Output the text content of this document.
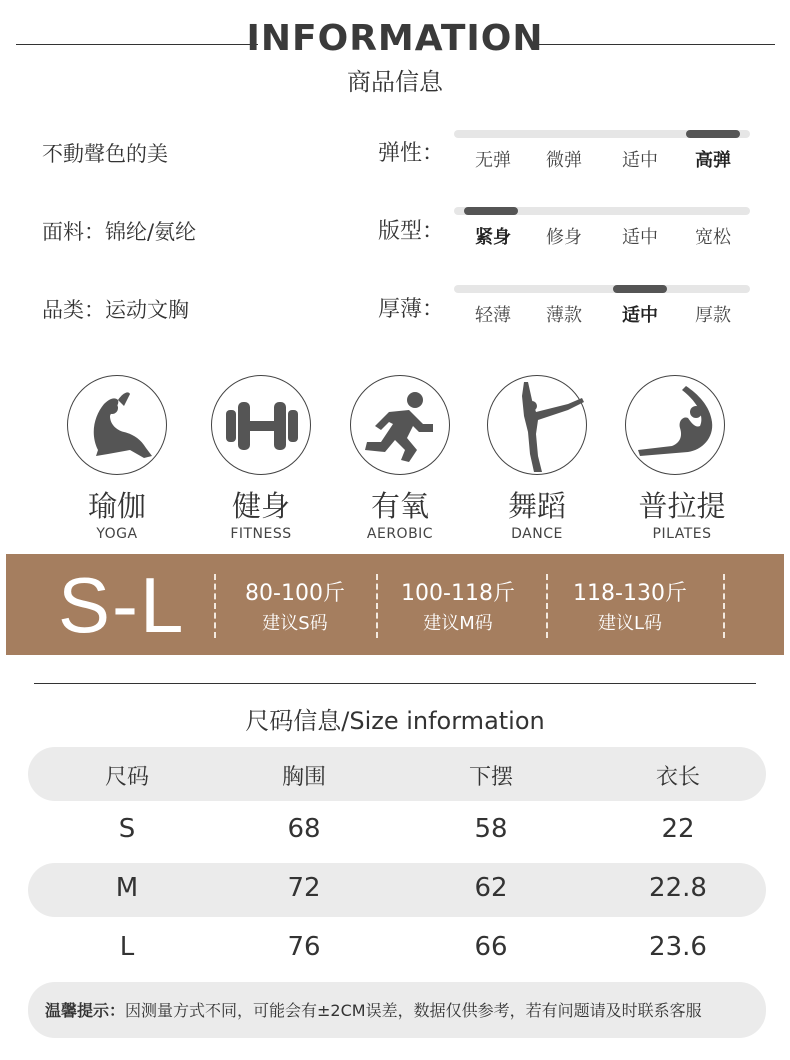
INFORMATION
商品信息
不動聲色的美
面料：锦纶/氨纶
品类：运动文胸
弹性：	无弹	微弹	适中	高弹
版型：	紧身	修身	适中	宽松
厚薄：	轻薄	薄款	适中	厚款
瑜伽
YOGA
健身
FITNESS
有氧
AEROBIC
舞蹈
DANCE
普拉提
PILATES
S-L	80-100斤
建议S码
100-118斤
建议M码
118-130斤
建议L码
尺码信息/Size information
尺码	胸围	下摆	衣长
S	68	58	22
M	72	62	22.8
L	76	66	23.6
温馨提示：因测量方式不同，可能会有±2CM误差，数据仅供参考，若有问题请及时联系客服
